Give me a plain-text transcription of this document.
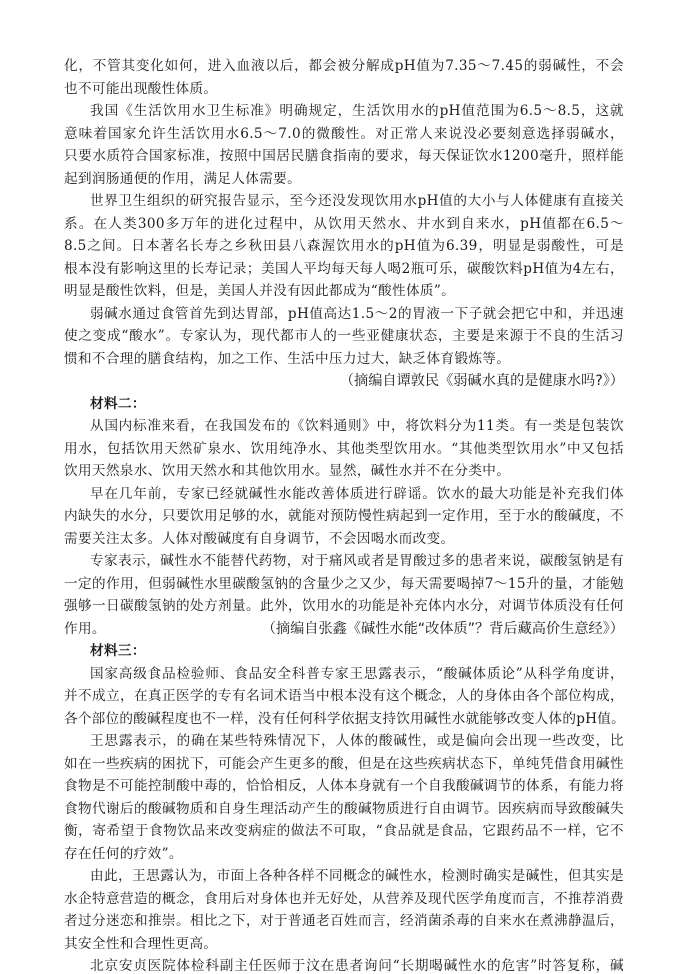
化，不管其变化如何，进入血液以后，都会被分解成pH值为7.35～7.45的弱碱性，不会
也不可能出现酸性体质。
我国《生活饮用水卫生标准》明确规定，生活饮用水的pH值范围为6.5～8.5，这就
意味着国家允许生活饮用水6.5～7.0的微酸性。对正常人来说没必要刻意选择弱碱水，
只要水质符合国家标准，按照中国居民膳食指南的要求，每天保证饮水1200毫升，照样能
起到润肠通便的作用，满足人体需要。
世界卫生组织的研究报告显示，至今还没发现饮用水pH值的大小与人体健康有直接关
系。在人类300多万年的进化过程中，从饮用天然水、井水到自来水，pH值都在6.5～
8.5之间。日本著名长寿之乡秋田县八森渥饮用水的pH值为6.39，明显是弱酸性，可是
根本没有影响这里的长寿记录；美国人平均每天每人喝2瓶可乐，碳酸饮料pH值为4左右，
明显是酸性饮料，但是，美国人并没有因此都成为“酸性体质”。
弱碱水通过食管首先到达胃部，pH值高达1.5～2的胃液一下子就会把它中和，并迅速
使之变成“酸水”。专家认为，现代都市人的一些亚健康状态，主要是来源于不良的生活习
惯和不合理的膳食结构，加之工作、生活中压力过大，缺乏体育锻炼等。
（摘编自谭敦民《弱碱水真的是健康水吗?》）
材料二：
从国内标准来看，在我国发布的《饮料通则》中，将饮料分为11类。有一类是包装饮
用水，包括饮用天然矿泉水、饮用纯净水、其他类型饮用水。“其他类型饮用水”中又包括
饮用天然泉水、饮用天然水和其他饮用水。显然，碱性水并不在分类中。
早在几年前，专家已经就碱性水能改善体质进行辟谣。饮水的最大功能是补充我们体
内缺失的水分，只要饮用足够的水，就能对预防慢性病起到一定作用，至于水的酸碱度，不
需要关注太多。人体对酸碱度有自身调节，不会因喝水而改变。
专家表示，碱性水不能替代药物，对于痛风或者是胃酸过多的患者来说，碳酸氢钠是有
一定的作用，但弱碱性水里碳酸氢钠的含量少之又少，每天需要喝掉7～15升的量，才能勉
强够一日碳酸氢钠的处方剂量。此外，饮用水的功能是补充体内水分，对调节体质没有任何
作用。	（摘编自张鑫《碱性水能“改体质”？背后藏高价生意经》）
材料三：
国家高级食品检验师、食品安全科普专家王思露表示，“酸碱体质论”从科学角度讲，
并不成立，在真正医学的专有名词术语当中根本没有这个概念，人的身体由各个部位构成，
各个部位的酸碱程度也不一样，没有任何科学依据支持饮用碱性水就能够改变人体的pH值。
王思露表示，的确在某些特殊情况下，人体的酸碱性，或是偏向会出现一些改变，比
如在一些疾病的困扰下，可能会产生更多的酸，但是在这些疾病状态下，单纯凭借食用碱性
食物是不可能控制酸中毒的，恰恰相反，人体本身就有一个自我酸碱调节的体系，有能力将
食物代谢后的酸碱物质和自身生理活动产生的酸碱物质进行自由调节。因疾病而导致酸碱失
衡，寄希望于食物饮品来改变病症的做法不可取，“食品就是食品，它跟药品不一样，它不
存在任何的疗效”。
由此，王思露认为，市面上各种各样不同概念的碱性水，检测时确实是碱性，但其实是
水企特意营造的概念，食用后对身体也并无好处，从营养及现代医学角度而言，不推荐消费
者过分迷恋和推崇。相比之下，对于普通老百姓而言，经消菌杀毒的自来水在煮沸静温后，
其安全性和合理性更高。
北京安贞医院体检科副主任医师于汶在患者询问“长期喝碱性水的危害”时答复称，碱
